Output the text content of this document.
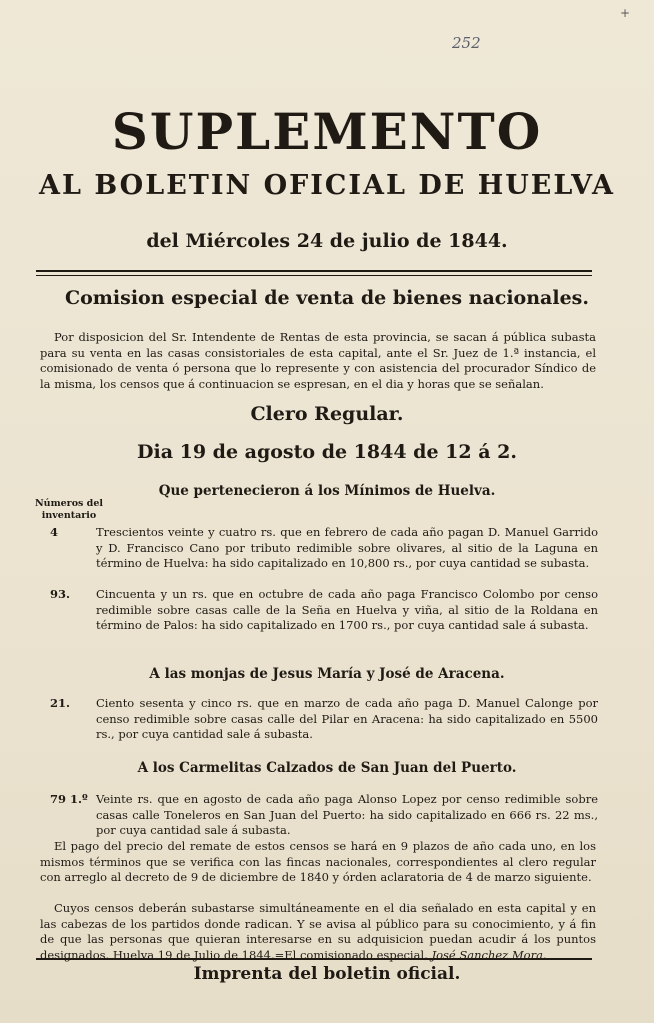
+
252
SUPLEMENTO
AL BOLETIN OFICIAL DE HUELVA
del Miércoles 24 de julio de 1844.
Comision especial de venta de bienes nacionales.
Por disposicion del Sr. Intendente de Rentas de esta provincia, se sacan á pública subasta para su venta en las casas consistoriales de esta capital, ante el Sr. Juez de 1.ª instancia, el comisionado de venta ó persona que lo represente y con asistencia del procurador Síndico de la misma, los censos que á continuacion se espresan, en el dia y horas que se señalan.
Clero Regular.
Dia 19 de agosto de 1844 de 12 á 2.
Que pertenecieron á los Mínimos de Huelva.
Números del inventario
4	Trescientos veinte y cuatro rs. que en febrero de cada año pagan D. Manuel Garrido y D. Francisco Cano por tributo redimible sobre olivares, al sitio de la Laguna en término de Huelva: ha sido capitalizado en 10,800 rs., por cuya cantidad se subasta.
93.	Cincuenta y un rs. que en octubre de cada año paga Francisco Colombo por censo redimible sobre casas calle de la Seña en Huelva y viña, al sitio de la Roldana en término de Palos: ha sido capitalizado en 1700 rs., por cuya cantidad sale á subasta.
A las monjas de Jesus María y José de Aracena.
21.	Ciento sesenta y cinco rs. que en marzo de cada año paga D. Manuel Calonge por censo redimible sobre casas calle del Pilar en Aracena: ha sido capitalizado en 5500 rs., por cuya cantidad sale á subasta.
A los Carmelitas Calzados de San Juan del Puerto.
79 1.º Veinte rs. que en agosto de cada año paga Alonso Lopez por censo redimible sobre casas calle Toneleros en San Juan del Puerto: ha sido capitalizado en 666 rs. 22 ms., por cuya cantidad sale á subasta.
El pago del precio del remate de estos censos se hará en 9 plazos de año cada uno, en los mismos términos que se verifica con las fincas nacionales, correspondientes al clero regular con arreglo al decreto de 9 de diciembre de 1840 y órden aclaratoria de 4 de marzo siguiente.
Cuyos censos deberán subastarse simultáneamente en el dia señalado en esta capital y en las cabezas de los partidos donde radican. Y se avisa al público para su conocimiento, y á fin de que las personas que quieran interesarse en su adquisicion puedan acudir á los puntos designados. Huelva 19 de Julio de 1844.=El comisionado especial, José Sanchez Mora.
Imprenta del boletin oficial.
